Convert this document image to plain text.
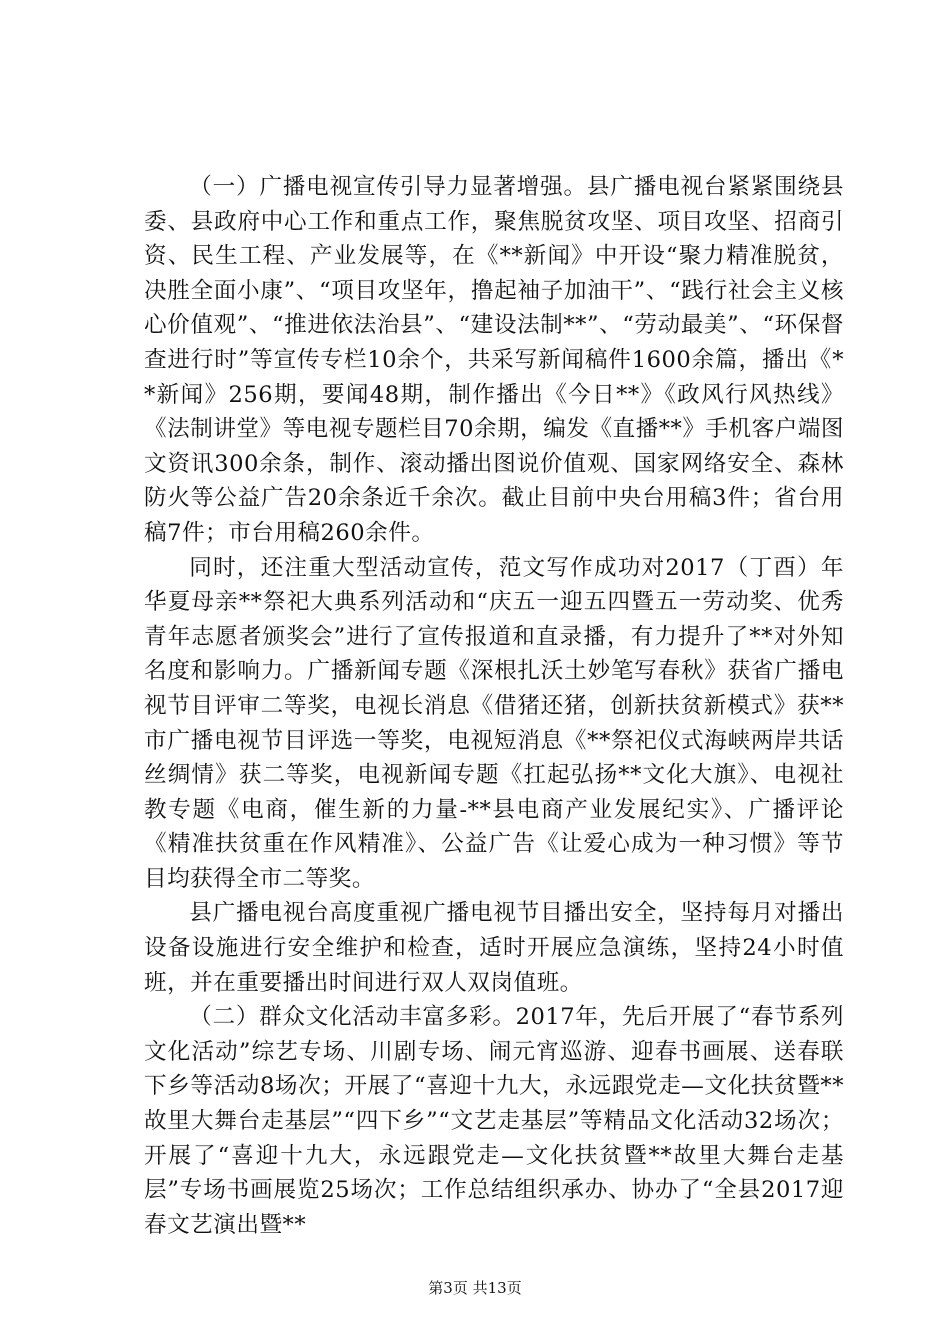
（一）广播电视宣传引导力显著增强。县广播电视台紧紧围绕县委、县政府中心工作和重点工作，聚焦脱贫攻坚、项目攻坚、招商引资、民生工程、产业发展等，在《**新闻》中开设“聚力精准脱贫，决胜全面小康”、“项目攻坚年，撸起袖子加油干”、“践行社会主义核心价值观”、“推进依法治县”、“建设法制**”、“劳动最美”、“环保督查进行时”等宣传专栏10余个，共采写新闻稿件1600余篇，播出《**新闻》256期，要闻48期，制作播出《今日**》《政风行风热线》《法制讲堂》等电视专题栏目70余期，编发《直播**》手机客户端图文资讯300余条，制作、滚动播出图说价值观、国家网络安全、森林防火等公益广告20余条近千余次。截止目前中央台用稿3件；省台用稿7件；市台用稿260余件。

同时，还注重大型活动宣传，范文写作成功对2017（丁酉）年华夏母亲**祭祀大典系列活动和“庆五一迎五四暨五一劳动奖、优秀青年志愿者颁奖会”进行了宣传报道和直录播，有力提升了**对外知名度和影响力。广播新闻专题《深根扎沃土妙笔写春秋》获省广播电视节目评审二等奖，电视长消息《借猪还猪，创新扶贫新模式》获**市广播电视节目评选一等奖，电视短消息《**祭祀仪式海峡两岸共话丝绸情》获二等奖，电视新闻专题《扛起弘扬**文化大旗》、电视社教专题《电商，催生新的力量-**县电商产业发展纪实》、广播评论《精准扶贫重在作风精准》、公益广告《让爱心成为一种习惯》等节目均获得全市二等奖。

县广播电视台高度重视广播电视节目播出安全，坚持每月对播出设备设施进行安全维护和检查，适时开展应急演练，坚持24小时值班，并在重要播出时间进行双人双岗值班。

（二）群众文化活动丰富多彩。2017年，先后开展了“春节系列文化活动”综艺专场、川剧专场、闹元宵巡游、迎春书画展、送春联下乡等活动8场次；开展了“喜迎十九大，永远跟党走—文化扶贫暨**故里大舞台走基层”“四下乡”“文艺走基层”等精品文化活动32场次；开展了“喜迎十九大，永远跟党走—文化扶贫暨**故里大舞台走基层”专场书画展览25场次；工作总结组织承办、协办了“全县2017迎春文艺演出暨**

第3页 共13页
